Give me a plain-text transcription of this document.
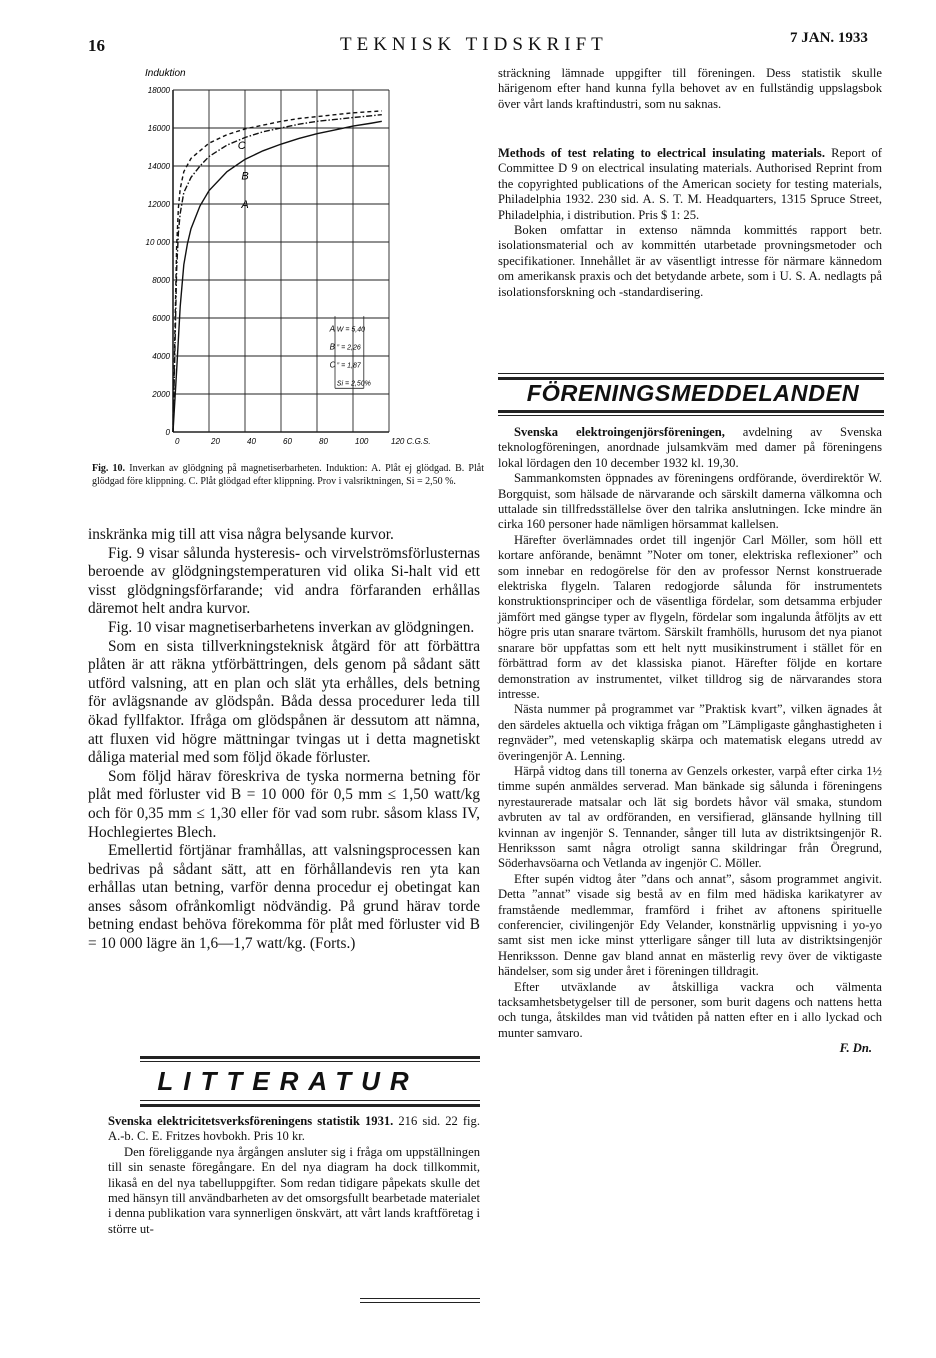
16	TEKNISK TIDSKRIFT	7 JAN. 1933
Induktion
0
2000
4000
6000
8000
10 000
12000
14000
16000
18000
0	20	40	60	80	100	120 C.G.S.
C
B
A
A W = 5,40
B ” = 2,26
C ” = 1,87
Si = 2,50%
Fig. 10. Inverkan av glödgning på magnetiserbarheten. Induktion: A. Plåt ej glödgad. B. Plåt glödgad före klippning. C. Plåt glödgad efter klippning. Prov i valsriktningen, Si = 2,50 %.

inskränka mig till att visa några belysande kurvor.

Fig. 9 visar sålunda hysteresis- och virvelströmsförlusternas beroende av glödgningstemperaturen vid olika Si-halt vid ett visst glödgningsförfarande; vid andra förfaranden erhållas däremot helt andra kurvor.

Fig. 10 visar magnetiserbarhetens inverkan av glödgningen.

Som en sista tillverkningsteknisk åtgärd för att förbättra plåten är att räkna ytförbättringen, dels genom på sådant sätt utförd valsning, att en plan och slät yta erhålles, dels betning för avlägsnande av glödspån. Båda dessa procedurer leda till ökad fyllfaktor. Ifråga om glödspånen är dessutom att nämna, att fluxen vid högre mättningar tvingas ut i detta magnetiskt dåliga material med som följd ökade förluster.

Som följd härav föreskriva de tyska normerna betning för plåt med förluster vid B = 10 000 för 0,5 mm ≤ 1,50 watt/kg och för 0,35 mm ≤ 1,30 eller för vad som rubr. såsom klass IV, Hochlegiertes Blech.

Emellertid förtjänar framhållas, att valsningsprocessen kan bedrivas på sådant sätt, att en förhållandevis ren yta kan erhållas utan betning, varför denna procedur ej obetingat kan anses såsom ofrånkomligt nödvändig. På grund härav torde betning endast behöva förekomma för plåt med förluster vid B = 10 000 lägre än 1,6—1,7 watt/kg. (Forts.)

LITTERATUR

Svenska elektricitetsverksföreningens statistik 1931. 216 sid. 22 fig. A.-b. C. E. Fritzes hovbokh. Pris 10 kr.

Den föreliggande nya årgången ansluter sig i fråga om uppställningen till sin senaste föregångare. En del nya diagram ha dock tillkommit, likaså en del nya tabelluppgifter. Som redan tidigare påpekats skulle det med hänsyn till användbarheten av det omsorgsfullt bearbetade materialet i denna publikation vara synnerligen önskvärt, att vårt lands kraftföretag i större ut-

sträckning lämnade uppgifter till föreningen. Dess statistik skulle härigenom efter hand kunna fylla behovet av en fullständig uppslagsbok över vårt lands kraftindustri, som nu saknas.

Methods of test relating to electrical insulating materials. Report of Committee D 9 on electrical insulating materials. Authorised Reprint from the copyrighted publications of the American society for testing materials, Philadelphia 1932. 230 sid. A. S. T. M. Headquarters, 1315 Spruce Street, Philadelphia, i distribution. Pris $ 1: 25.

Boken omfattar in extenso nämnda kommittés rapport betr. isolationsmaterial och av kommittén utarbetade provningsmetoder och specifikationer. Innehållet är av väsentligt intresse för närmare kännedom om amerikansk praxis och det betydande arbete, som i U. S. A. nedlagts på isolationsforskning och -standardisering.

FÖRENINGSMEDDELANDEN

Svenska elektroingenjörsföreningen, avdelning av Svenska teknologföreningen, anordnade julsamkväm med damer på föreningens lokal lördagen den 10 december 1932 kl. 19,30.

Sammankomsten öppnades av föreningens ordförande, överdirektör W. Borgquist, som hälsade de närvarande och särskilt damerna välkomna och uttalade sin tillfredsställelse över den talrika anslutningen. Icke mindre än cirka 160 personer hade nämligen hörsammat kallelsen.

Härefter överlämnades ordet till ingenjör Carl Möller, som höll ett kortare anförande, benämnt ”Noter om toner, elektriska reflexioner” och som innebar en redogörelse för den av professor Nernst konstruerade elektriska flygeln. Talaren redogjorde sålunda för instrumentets konstruktionsprinciper och de väsentliga fördelar, som detsamma erbjuder jämfört med gängse typer av flygeln, fördelar som ingalunda åtföljts av ett högre pris utan snarare tvärtom. Särskilt framhölls, hurusom det nya pianot snarare bör uppfattas som ett helt nytt musikinstrument i stället för en förbättrad form av det klassiska pianot. Härefter följde en kortare demonstration av instrumentet, vilket tilldrog sig de närvarandes stora intresse.

Nästa nummer på programmet var ”Praktisk kvart”, vilken ägnades åt den särdeles aktuella och viktiga frågan om ”Lämpligaste gånghastigheten i regnväder”, med vetenskaplig skärpa och matematisk elegans utredd av överingenjör A. Lenning.

Härpå vidtog dans till tonerna av Genzels orkester, varpå efter cirka 1½ timme supén anmäldes serverad. Man bänkade sig sålunda i föreningens nyrestaurerade matsalar och lät sig bordets håvor väl smaka, stundom avbruten av tal av ordföranden, en versifierad, glänsande hyllning till kvinnan av ingenjör S. Tennander, sånger till luta av distriktsingenjör R. Henriksson samt några otroligt sanna skildringar från Öregrund, Söderhavsöarna och Vetlanda av ingenjör C. Möller.

Efter supén vidtog åter ”dans och annat”, såsom programmet angivit. Detta ”annat” visade sig bestå av en film med hädiska karikatyrer av framstående medlemmar, framförd i frihet av aftonens spirituelle conferencier, civilingenjör Edy Velander, konstnärlig uppvisning i yo-yo samt sist men icke minst ytterligare sånger till luta av distriktsingenjör Henriksson. Denne gav bland annat en mästerlig revy över de viktigaste händelser, som sig under året i föreningen tilldragit.

Efter utväxlande av åtskilliga vackra och välmenta tacksamhetsbetygelser till de personer, som burit dagens och nattens hetta och tunga, åtskildes man vid tvåtiden på natten efter en i allo lyckad och munter samvaro.

F. Dn.
